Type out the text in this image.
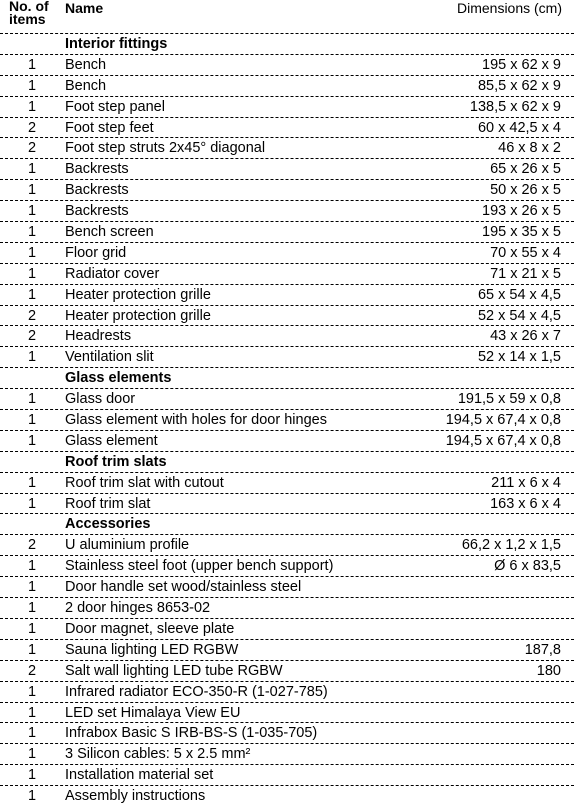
No. of
items
Name	Dimensions (cm)
Interior fittings
1	Bench	195 x 62 x 9
1	Bench	85,5 x 62 x 9
1	Foot step panel	138,5 x 62 x 9
2	Foot step feet	60 x 42,5 x 4
2	Foot step struts 2x45° diagonal	46 x 8 x 2
1	Backrests	65 x 26 x 5
1	Backrests	50 x 26 x 5
1	Backrests	193 x 26 x 5
1	Bench screen	195 x 35 x 5
1	Floor grid	70 x 55 x 4
1	Radiator cover	71 x 21 x 5
1	Heater protection grille	65 x 54 x 4,5
2	Heater protection grille	52 x 54 x 4,5
2	Headrests	43 x 26 x 7
1	Ventilation slit	52 x 14 x 1,5
Glass elements
1	Glass door	191,5 x 59 x 0,8
1	Glass element with holes for door hinges	194,5 x 67,4 x 0,8
1	Glass element	194,5 x 67,4 x 0,8
Roof trim slats
1	Roof trim slat with cutout	211 x 6 x 4
1	Roof trim slat	163 x 6 x 4
Accessories
2	U aluminium profile	66,2 x 1,2 x 1,5
1	Stainless steel foot (upper bench support)	Ø 6 x 83,5
1	Door handle set wood/stainless steel
1	2 door hinges 8653-02
1	Door magnet, sleeve plate
1	Sauna lighting LED RGBW	187,8
2	Salt wall lighting LED tube RGBW	180
1	Infrared radiator ECO-350-R (1-027-785)
1	LED set Himalaya View EU
1	Infrabox Basic S IRB-BS-S (1-035-705)
1	3 Silicon cables: 5 x 2.5 mm²
1	Installation material set
1	Assembly instructions
